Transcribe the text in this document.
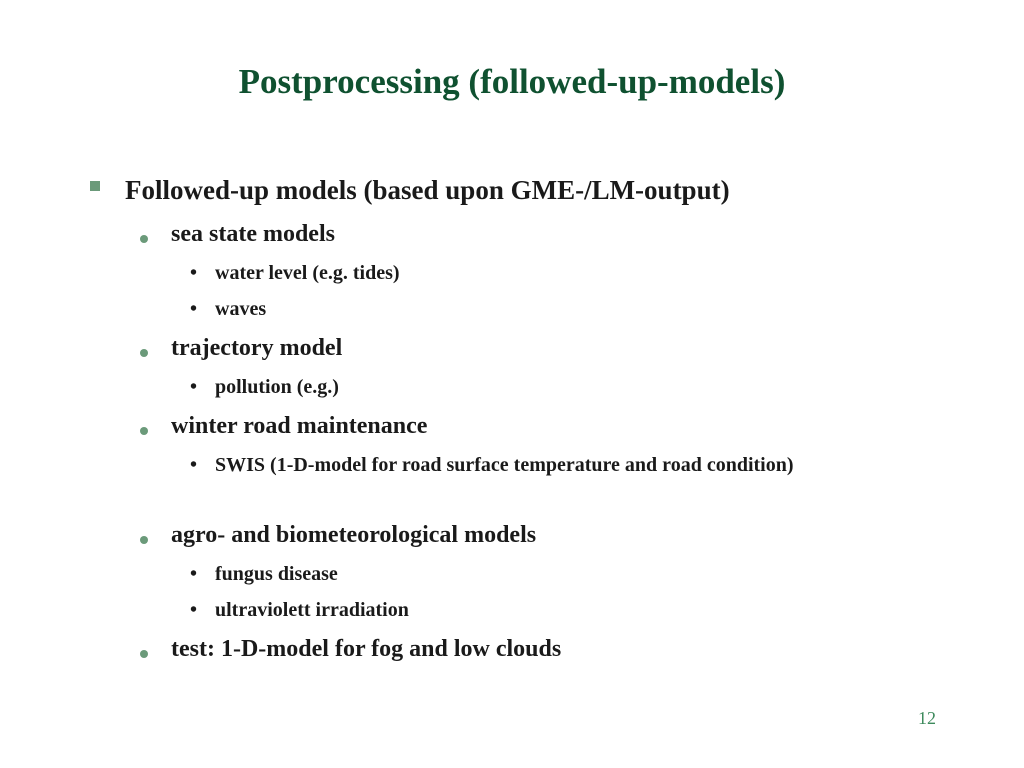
Postprocessing (followed-up-models)
Followed-up models (based upon GME-/LM-output)
sea state models
• water level (e.g. tides)
• waves
trajectory model
• pollution (e.g.)
winter road maintenance
• SWIS (1-D-model for road surface temperature and road condition)
agro- and biometeorological models
• fungus disease
• ultraviolett irradiation
test: 1-D-model for fog and low clouds
12
